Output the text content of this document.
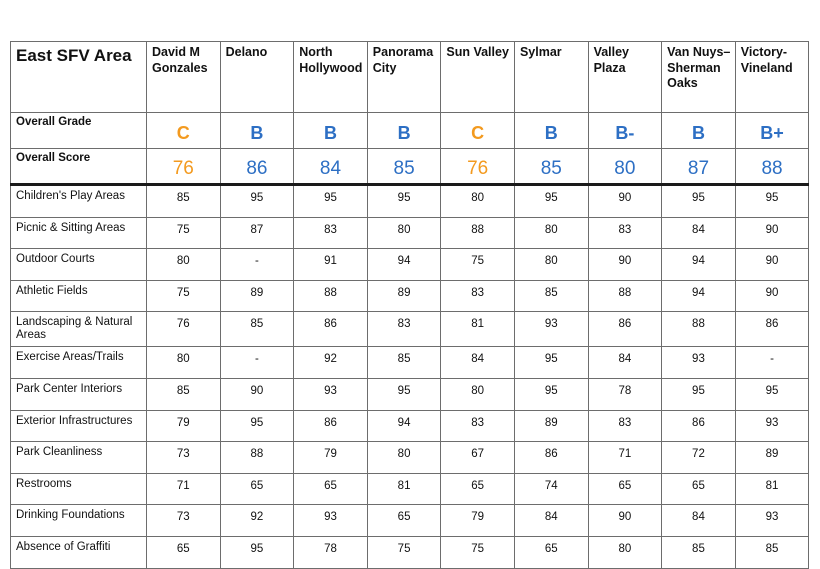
East SFV Area	David M Gonzales	Delano	North Hollywood	Panorama City	Sun Valley	Sylmar	Valley Plaza	Van Nuys–Sherman Oaks	Victory-Vineland
Overall Grade	C	B	B	B	C	B	B-	B	B+
Overall Score	76	86	84	85	76	85	80	87	88
Children's Play Areas	85	95	95	95	80	95	90	95	95
Picnic & Sitting Areas	75	87	83	80	88	80	83	84	90
Outdoor Courts	80	-	91	94	75	80	90	94	90
Athletic Fields	75	89	88	89	83	85	88	94	90
Landscaping & Natural Areas	76	85	86	83	81	93	86	88	86
Exercise Areas/Trails	80	-	92	85	84	95	84	93	-
Park Center Interiors	85	90	93	95	80	95	78	95	95
Exterior Infrastructures	79	95	86	94	83	89	83	86	93
Park Cleanliness	73	88	79	80	67	86	71	72	89
Restrooms	71	65	65	81	65	74	65	65	81
Drinking Foundations	73	92	93	65	79	84	90	84	93
Absence of Graffiti	65	95	78	75	75	65	80	85	85
